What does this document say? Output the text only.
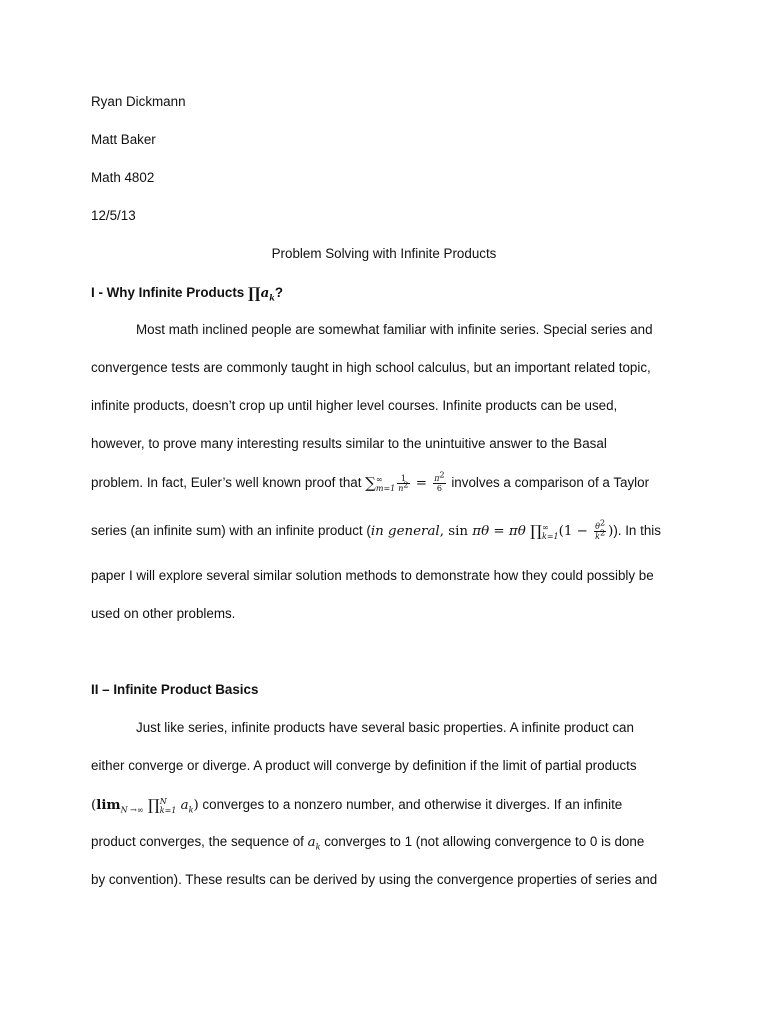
Ryan Dickmann
Matt Baker
Math 4802
12/5/13
Problem Solving with Infinite Products
I - Why Infinite Products $\prod a_k$?
Most math inclined people are somewhat familiar with infinite series. Special series and
convergence tests are commonly taught in high school calculus, but an important related topic,
infinite products, doesn’t crop up until higher level courses. Infinite products can be used,
however, to prove many interesting results similar to the unintuitive answer to the Basal
problem. In fact, Euler’s well known proof that ∑ ∞
$m=1 \frac{1}{n^2} = \frac{\pi^2}{6}$ involves a comparison of a Taylor
series (an infinite sum) with an infinite product (in general, sin πθ = πθ ∏ ∞
k=1 ($1 - \frac{\theta^2}{k^2}$ )). In this
paper I will explore several similar solution methods to demonstrate how they could possibly be
used on other problems.
II – Infinite Product Basics
Just like series, infinite products have several basic properties. A infinite product can
either converge or diverge. A product will converge by definition if the limit of partial products
($\lim_{N \to\infty}$ ∏ N
k=1 $a_k$) converges to a nonzero number, and otherwise it diverges. If an infinite
product converges, the sequence of $a_k$ converges to 1 (not allowing convergence to 0 is done
by convention). These results can be derived by using the convergence properties of series and
